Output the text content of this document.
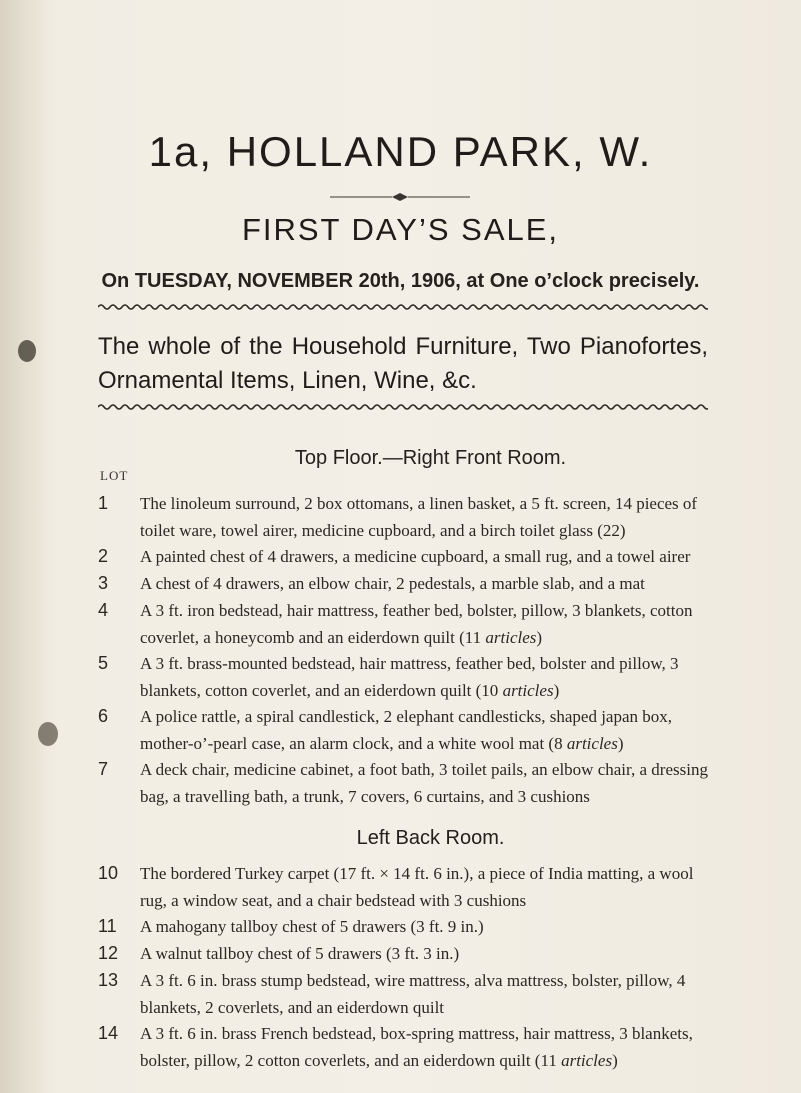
1a, HOLLAND PARK, W.
FIRST DAY’S SALE,
On TUESDAY, NOVEMBER 20th, 1906, at One o’clock precisely.
The whole of the Household Furniture, Two Pianofortes, Ornamental Items, Linen, Wine, &c.
Top Floor.—Right Front Room.
LOT
1	The linoleum surround, 2 box ottomans, a linen basket, a 5 ft. screen, 14 pieces of toilet ware, towel airer, medicine cupboard, and a birch toilet glass (22)
2	A painted chest of 4 drawers, a medicine cupboard, a small rug, and a towel airer
3	A chest of 4 drawers, an elbow chair, 2 pedestals, a marble slab, and a mat
4	A 3 ft. iron bedstead, hair mattress, feather bed, bolster, pillow, 3 blankets, cotton coverlet, a honeycomb and an eiderdown quilt (11 articles)
5	A 3 ft. brass-mounted bedstead, hair mattress, feather bed, bolster and pillow, 3 blankets, cotton coverlet, and an eiderdown quilt (10 articles)
6	A police rattle, a spiral candlestick, 2 elephant candlesticks, shaped japan box, mother-o’-pearl case, an alarm clock, and a white wool mat (8 articles)
7	A deck chair, medicine cabinet, a foot bath, 3 toilet pails, an elbow chair, a dressing bag, a travelling bath, a trunk, 7 covers, 6 curtains, and 3 cushions
Left Back Room.
10	The bordered Turkey carpet (17 ft. × 14 ft. 6 in.), a piece of India matting, a wool rug, a window seat, and a chair bedstead with 3 cushions
11	A mahogany tallboy chest of 5 drawers (3 ft. 9 in.)
12	A walnut tallboy chest of 5 drawers (3 ft. 3 in.)
13	A 3 ft. 6 in. brass stump bedstead, wire mattress, alva mattress, bolster, pillow, 4 blankets, 2 coverlets, and an eiderdown quilt
14	A 3 ft. 6 in. brass French bedstead, box-spring mattress, hair mattress, 3 blankets, bolster, pillow, 2 cotton coverlets, and an eiderdown quilt (11 articles)
